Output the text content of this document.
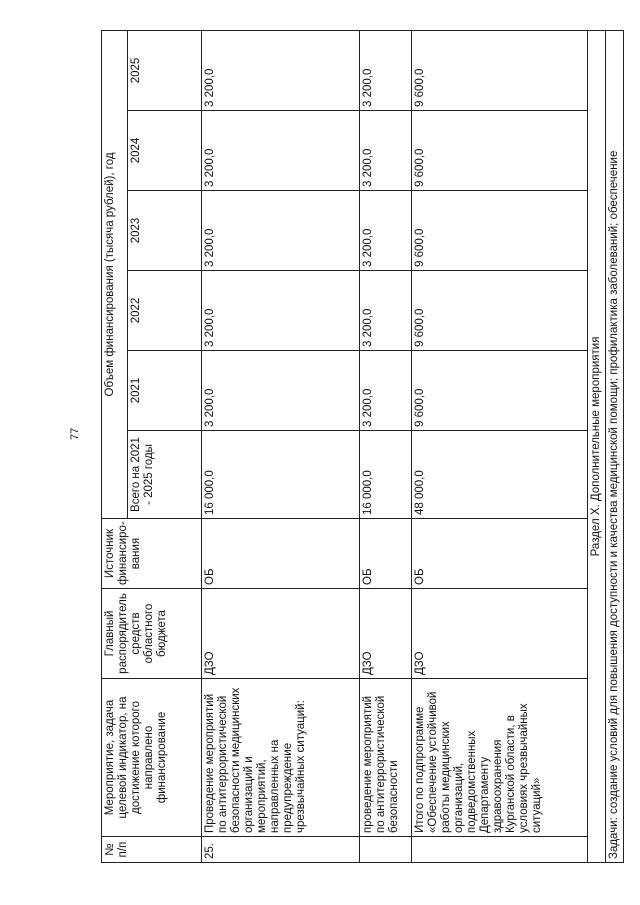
77
№ п/п	Мероприятие, задача целевой индикатор, на достижение которого направлено финансирование	Главный распорядитель средств областного бюджета	Источник финансиро-вания	Объем финансирования (тысяча рублей), год					
				Всего на 2021 - 2025 годы	2021	2022	2023	2024	2025
25.	Проведение мероприятий по антитеррористической безопасности медицинских организаций и мероприятий, направленных на предупреждение чрезвычайных ситуаций:	ДЗО	ОБ	16 000,0	3 200,0	3 200,0	3 200,0	3 200,0	3 200,0
	проведение мероприятий по антитеррористической безопасности	ДЗО	ОБ	16 000,0	3 200,0	3 200,0	3 200,0	3 200,0	3 200,0
	Итого по подпрограмме «Обеспечение устойчивой работы медицинских организаций, подведомственных Департаменту здравоохранения Курганской области, в условиях чрезвычайных ситуаций»	ДЗО	ОБ	48 000,0	9 600,0	9 600,0	9 600,0	9 600,0	9 600,0
Раздел X. Дополнительные мероприятия									
Задачи: создание условий для повышения доступности и качества медицинской помощи; профилактика заболеваний; обеспечение									
